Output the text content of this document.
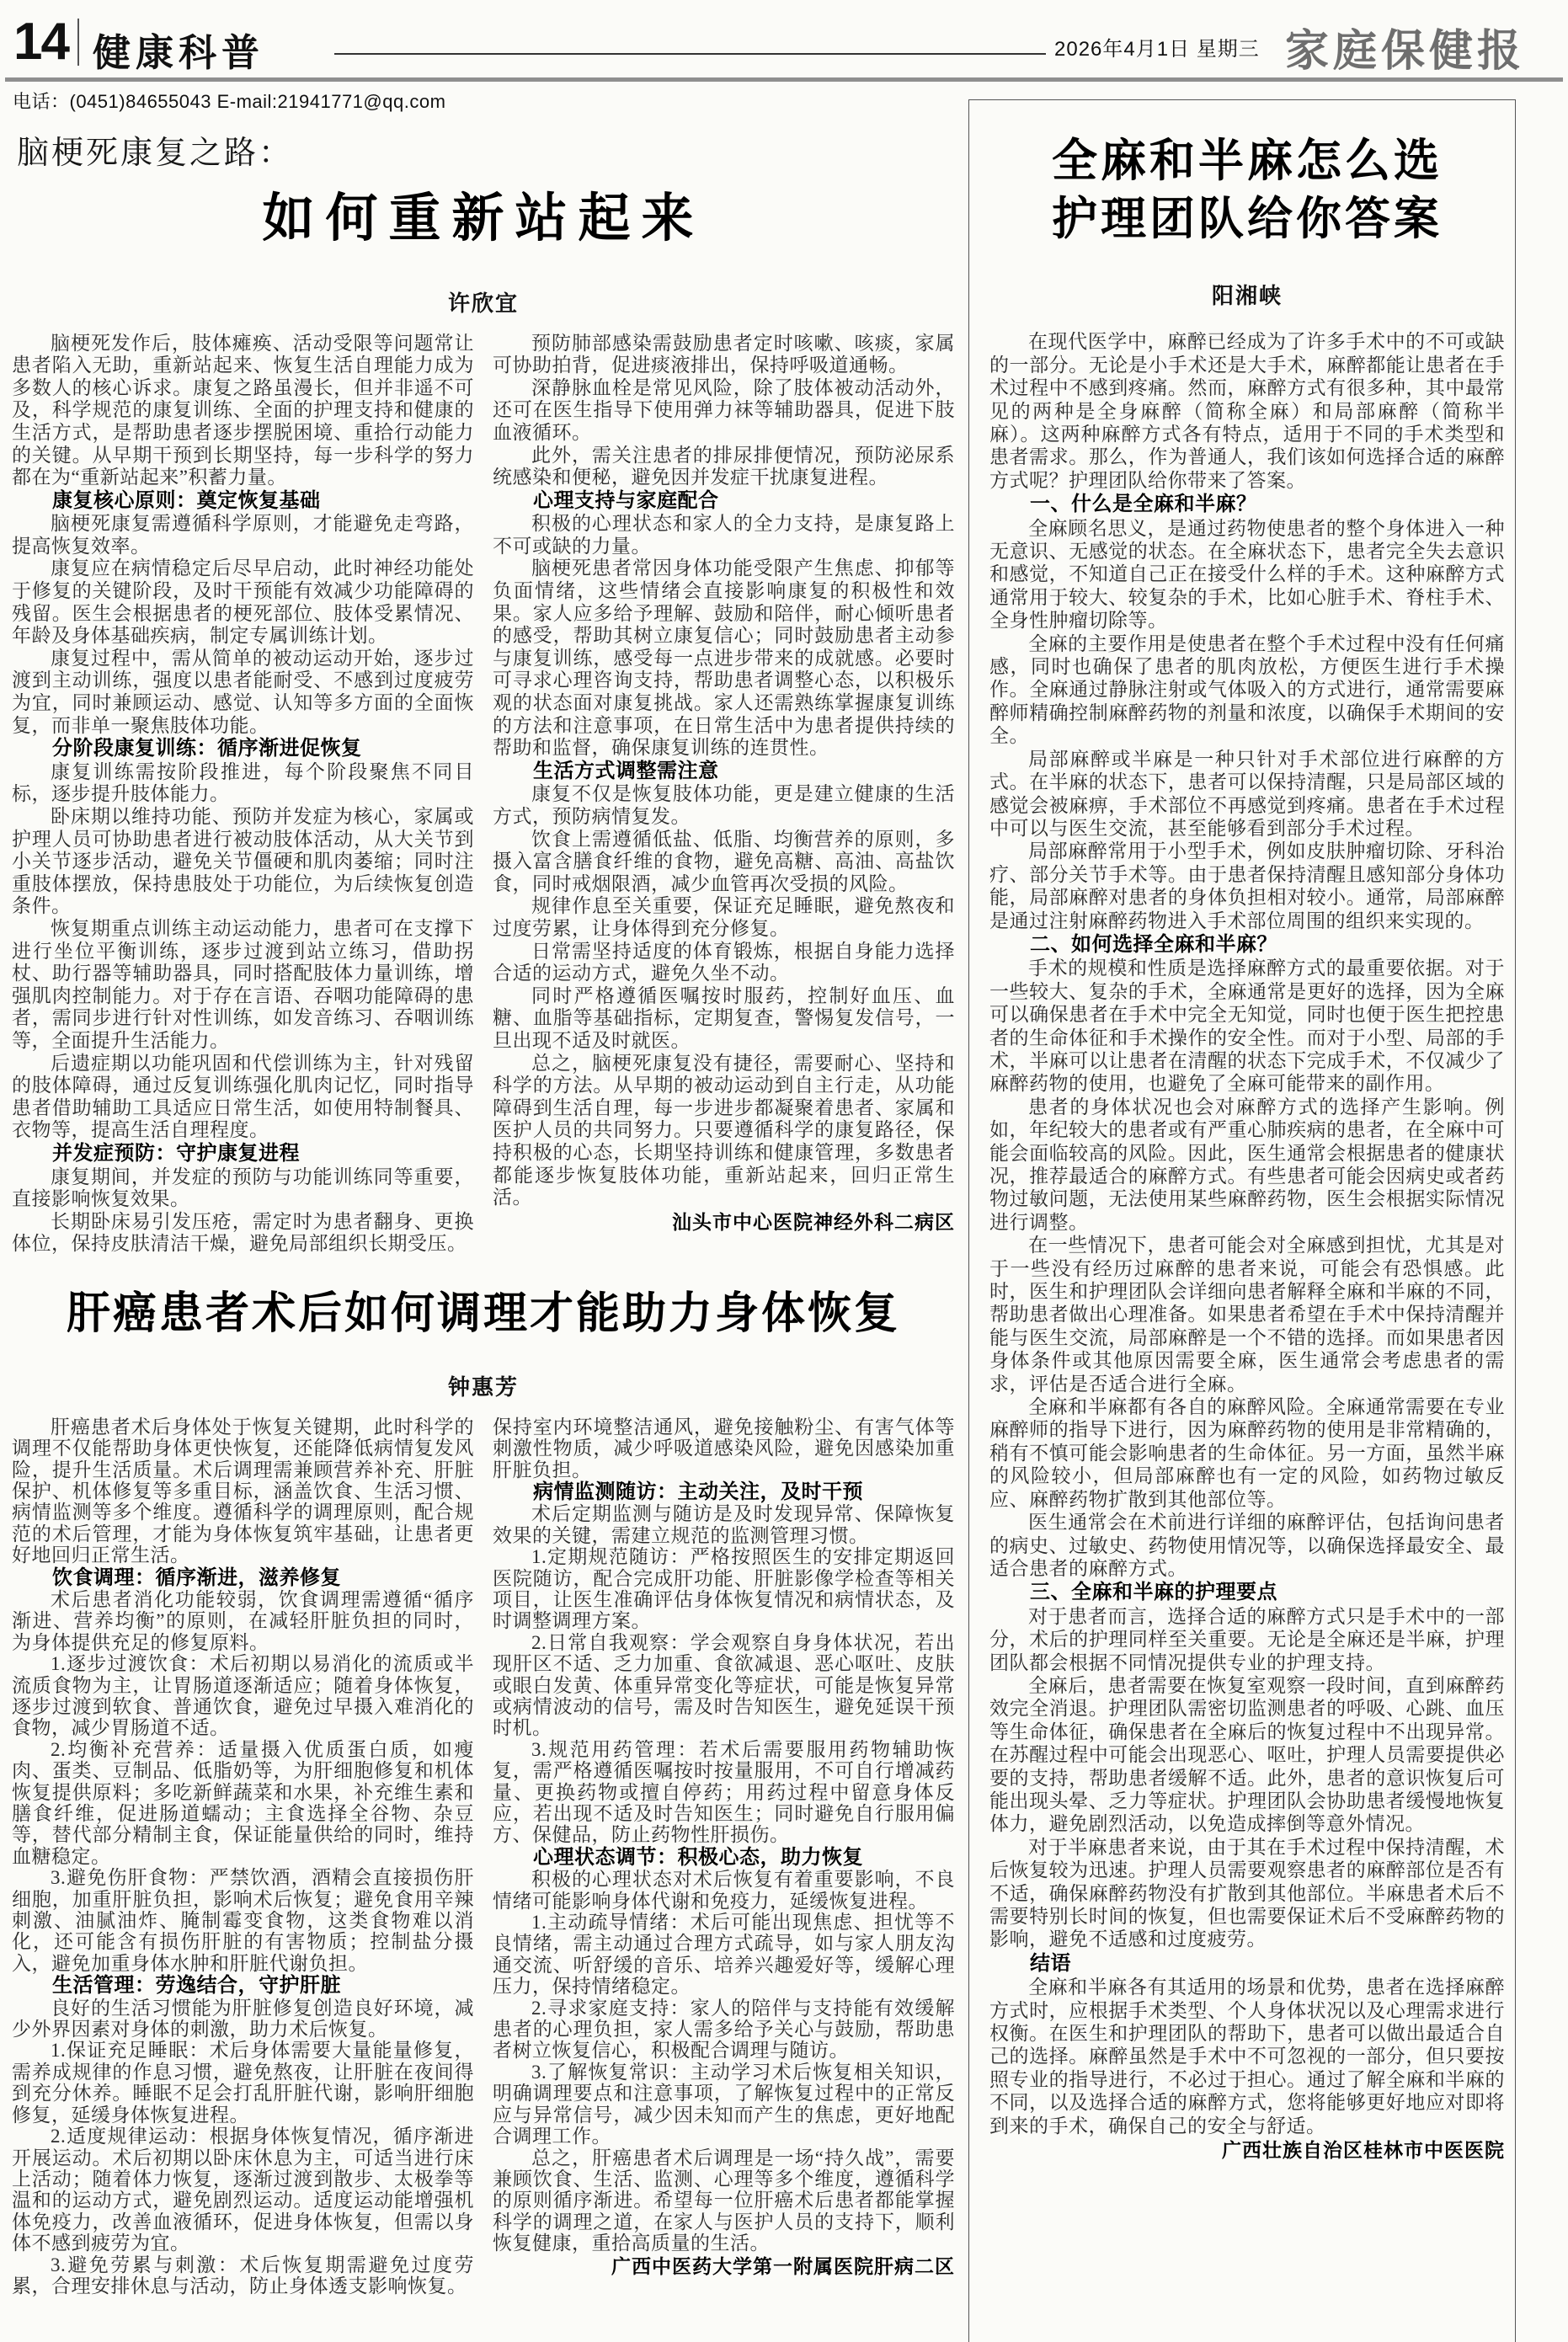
14 健康科普	2026年4月1日 星期三 家庭保健报
电话：(0451)84655043 E-mail:21941771@qq.com
脑梗死康复之路：
如何重新站起来
许欣宜

脑梗死发作后，肢体瘫痪、活动受限等问题常让患者陷入无助，重新站起来、恢复生活自理能力成为多数人的核心诉求。康复之路虽漫长，但并非遥不可及，科学规范的康复训练、全面的护理支持和健康的生活方式，是帮助患者逐步摆脱困境、重拾行动能力的关键。从早期干预到长期坚持，每一步科学的努力都在为“重新站起来”积蓄力量。

康复核心原则：奠定恢复基础

脑梗死康复需遵循科学原则，才能避免走弯路，提高恢复效率。

康复应在病情稳定后尽早启动，此时神经功能处于修复的关键阶段，及时干预能有效减少功能障碍的残留。医生会根据患者的梗死部位、肢体受累情况、年龄及身体基础疾病，制定专属训练计划。

康复过程中，需从简单的被动运动开始，逐步过渡到主动训练，强度以患者能耐受、不感到过度疲劳为宜，同时兼顾运动、感觉、认知等多方面的全面恢复，而非单一聚焦肢体功能。

分阶段康复训练：循序渐进促恢复

康复训练需按阶段推进，每个阶段聚焦不同目标，逐步提升肢体能力。

卧床期以维持功能、预防并发症为核心，家属或护理人员可协助患者进行被动肢体活动，从大关节到小关节逐步活动，避免关节僵硬和肌肉萎缩；同时注重肢体摆放，保持患肢处于功能位，为后续恢复创造条件。

恢复期重点训练主动运动能力，患者可在支撑下进行坐位平衡训练，逐步过渡到站立练习，借助拐杖、助行器等辅助器具，同时搭配肢体力量训练，增强肌肉控制能力。对于存在言语、吞咽功能障碍的患者，需同步进行针对性训练，如发音练习、吞咽训练等，全面提升生活能力。

后遗症期以功能巩固和代偿训练为主，针对残留的肢体障碍，通过反复训练强化肌肉记忆，同时指导患者借助辅助工具适应日常生活，如使用特制餐具、衣物等，提高生活自理程度。

并发症预防：守护康复进程

康复期间，并发症的预防与功能训练同等重要，直接影响恢复效果。

长期卧床易引发压疮，需定时为患者翻身、更换体位，保持皮肤清洁干燥，避免局部组织长期受压。

预防肺部感染需鼓励患者定时咳嗽、咳痰，家属可协助拍背，促进痰液排出，保持呼吸道通畅。

深静脉血栓是常见风险，除了肢体被动活动外，还可在医生指导下使用弹力袜等辅助器具，促进下肢血液循环。

此外，需关注患者的排尿排便情况，预防泌尿系统感染和便秘，避免因并发症干扰康复进程。

心理支持与家庭配合

积极的心理状态和家人的全力支持，是康复路上不可或缺的力量。

脑梗死患者常因身体功能受限产生焦虑、抑郁等负面情绪，这些情绪会直接影响康复的积极性和效果。家人应多给予理解、鼓励和陪伴，耐心倾听患者的感受，帮助其树立康复信心；同时鼓励患者主动参与康复训练，感受每一点进步带来的成就感。必要时可寻求心理咨询支持，帮助患者调整心态，以积极乐观的状态面对康复挑战。家人还需熟练掌握康复训练的方法和注意事项，在日常生活中为患者提供持续的帮助和监督，确保康复训练的连贯性。

生活方式调整需注意

康复不仅是恢复肢体功能，更是建立健康的生活方式，预防病情复发。

饮食上需遵循低盐、低脂、均衡营养的原则，多摄入富含膳食纤维的食物，避免高糖、高油、高盐饮食，同时戒烟限酒，减少血管再次受损的风险。

规律作息至关重要，保证充足睡眠，避免熬夜和过度劳累，让身体得到充分修复。

日常需坚持适度的体育锻炼，根据自身能力选择合适的运动方式，避免久坐不动。

同时严格遵循医嘱按时服药，控制好血压、血糖、血脂等基础指标，定期复查，警惕复发信号，一旦出现不适及时就医。

总之，脑梗死康复没有捷径，需要耐心、坚持和科学的方法。从早期的被动运动到自主行走，从功能障碍到生活自理，每一步进步都凝聚着患者、家属和医护人员的共同努力。只要遵循科学的康复路径，保持积极的心态，长期坚持训练和健康管理，多数患者都能逐步恢复肢体功能，重新站起来，回归正常生活。

汕头市中心医院神经外科二病区

肝癌患者术后如何调理才能助力身体恢复
钟惠芳

肝癌患者术后身体处于恢复关键期，此时科学的调理不仅能帮助身体更快恢复，还能降低病情复发风险，提升生活质量。术后调理需兼顾营养补充、肝脏保护、机体修复等多重目标，涵盖饮食、生活习惯、病情监测等多个维度。遵循科学的调理原则，配合规范的术后管理，才能为身体恢复筑牢基础，让患者更好地回归正常生活。

饮食调理：循序渐进，滋养修复

术后患者消化功能较弱，饮食调理需遵循“循序渐进、营养均衡”的原则，在减轻肝脏负担的同时，为身体提供充足的修复原料。

1.逐步过渡饮食：术后初期以易消化的流质或半流质食物为主，让胃肠道逐渐适应；随着身体恢复，逐步过渡到软食、普通饮食，避免过早摄入难消化的食物，减少胃肠道不适。

2.均衡补充营养：适量摄入优质蛋白质，如瘦肉、蛋类、豆制品、低脂奶等，为肝细胞修复和机体恢复提供原料；多吃新鲜蔬菜和水果，补充维生素和膳食纤维，促进肠道蠕动；主食选择全谷物、杂豆等，替代部分精制主食，保证能量供给的同时，维持血糖稳定。

3.避免伤肝食物：严禁饮酒，酒精会直接损伤肝细胞，加重肝脏负担，影响术后恢复；避免食用辛辣刺激、油腻油炸、腌制霉变食物，这类食物难以消化，还可能含有损伤肝脏的有害物质；控制盐分摄入，避免加重身体水肿和肝脏代谢负担。

生活管理：劳逸结合，守护肝脏

良好的生活习惯能为肝脏修复创造良好环境，减少外界因素对身体的刺激，助力术后恢复。

1.保证充足睡眠：术后身体需要大量能量修复，需养成规律的作息习惯，避免熬夜，让肝脏在夜间得到充分休养。睡眠不足会打乱肝脏代谢，影响肝细胞修复，延缓身体恢复进程。

2.适度规律运动：根据身体恢复情况，循序渐进开展运动。术后初期以卧床休息为主，可适当进行床上活动；随着体力恢复，逐渐过渡到散步、太极拳等温和的运动方式，避免剧烈运动。适度运动能增强机体免疫力，改善血液循环，促进身体恢复，但需以身体不感到疲劳为宜。

3.避免劳累与刺激：术后恢复期需避免过度劳累，合理安排休息与活动，防止身体透支影响恢复。

保持室内环境整洁通风，避免接触粉尘、有害气体等刺激性物质，减少呼吸道感染风险，避免因感染加重肝脏负担。

病情监测随访：主动关注，及时干预

术后定期监测与随访是及时发现异常、保障恢复效果的关键，需建立规范的监测管理习惯。

1.定期规范随访：严格按照医生的安排定期返回医院随访，配合完成肝功能、肝脏影像学检查等相关项目，让医生准确评估身体恢复情况和病情状态，及时调整调理方案。

2.日常自我观察：学会观察自身身体状况，若出现肝区不适、乏力加重、食欲减退、恶心呕吐、皮肤或眼白发黄、体重异常变化等症状，可能是恢复异常或病情波动的信号，需及时告知医生，避免延误干预时机。

3.规范用药管理：若术后需要服用药物辅助恢复，需严格遵循医嘱按时按量服用，不可自行增减药量、更换药物或擅自停药；用药过程中留意身体反应，若出现不适及时告知医生；同时避免自行服用偏方、保健品，防止药物性肝损伤。

心理状态调节：积极心态，助力恢复

积极的心理状态对术后恢复有着重要影响，不良情绪可能影响身体代谢和免疫力，延缓恢复进程。

1.主动疏导情绪：术后可能出现焦虑、担忧等不良情绪，需主动通过合理方式疏导，如与家人朋友沟通交流、听舒缓的音乐、培养兴趣爱好等，缓解心理压力，保持情绪稳定。

2.寻求家庭支持：家人的陪伴与支持能有效缓解患者的心理负担，家人需多给予关心与鼓励，帮助患者树立恢复信心，积极配合调理与随访。

3.了解恢复常识：主动学习术后恢复相关知识，明确调理要点和注意事项，了解恢复过程中的正常反应与异常信号，减少因未知而产生的焦虑，更好地配合调理工作。

总之，肝癌患者术后调理是一场“持久战”，需要兼顾饮食、生活、监测、心理等多个维度，遵循科学的原则循序渐进。希望每一位肝癌术后患者都能掌握科学的调理之道，在家人与医护人员的支持下，顺利恢复健康，重拾高质量的生活。

广西中医药大学第一附属医院肝病二区

全麻和半麻怎么选
护理团队给你答案
阳湘峡

在现代医学中，麻醉已经成为了许多手术中的不可或缺的一部分。无论是小手术还是大手术，麻醉都能让患者在手术过程中不感到疼痛。然而，麻醉方式有很多种，其中最常见的两种是全身麻醉（简称全麻）和局部麻醉（简称半麻）。这两种麻醉方式各有特点，适用于不同的手术类型和患者需求。那么，作为普通人，我们该如何选择合适的麻醉方式呢？护理团队给你带来了答案。

一、什么是全麻和半麻？

全麻顾名思义，是通过药物使患者的整个身体进入一种无意识、无感觉的状态。在全麻状态下，患者完全失去意识和感觉，不知道自己正在接受什么样的手术。这种麻醉方式通常用于较大、较复杂的手术，比如心脏手术、脊柱手术、全身性肿瘤切除等。

全麻的主要作用是使患者在整个手术过程中没有任何痛感，同时也确保了患者的肌肉放松，方便医生进行手术操作。全麻通过静脉注射或气体吸入的方式进行，通常需要麻醉师精确控制麻醉药物的剂量和浓度，以确保手术期间的安全。

局部麻醉或半麻是一种只针对手术部位进行麻醉的方式。在半麻的状态下，患者可以保持清醒，只是局部区域的感觉会被麻痹，手术部位不再感觉到疼痛。患者在手术过程中可以与医生交流，甚至能够看到部分手术过程。

局部麻醉常用于小型手术，例如皮肤肿瘤切除、牙科治疗、部分关节手术等。由于患者保持清醒且感知部分身体功能，局部麻醉对患者的身体负担相对较小。通常，局部麻醉是通过注射麻醉药物进入手术部位周围的组织来实现的。

二、如何选择全麻和半麻？

手术的规模和性质是选择麻醉方式的最重要依据。对于一些较大、复杂的手术，全麻通常是更好的选择，因为全麻可以确保患者在手术中完全无知觉，同时也便于医生把控患者的生命体征和手术操作的安全性。而对于小型、局部的手术，半麻可以让患者在清醒的状态下完成手术，不仅减少了麻醉药物的使用，也避免了全麻可能带来的副作用。

患者的身体状况也会对麻醉方式的选择产生影响。例如，年纪较大的患者或有严重心肺疾病的患者，在全麻中可能会面临较高的风险。因此，医生通常会根据患者的健康状况，推荐最适合的麻醉方式。有些患者可能会因病史或者药物过敏问题，无法使用某些麻醉药物，医生会根据实际情况进行调整。

在一些情况下，患者可能会对全麻感到担忧，尤其是对于一些没有经历过麻醉的患者来说，可能会有恐惧感。此时，医生和护理团队会详细向患者解释全麻和半麻的不同，帮助患者做出心理准备。如果患者希望在手术中保持清醒并能与医生交流，局部麻醉是一个不错的选择。而如果患者因身体条件或其他原因需要全麻，医生通常会考虑患者的需求，评估是否适合进行全麻。

全麻和半麻都有各自的麻醉风险。全麻通常需要在专业麻醉师的指导下进行，因为麻醉药物的使用是非常精确的，稍有不慎可能会影响患者的生命体征。另一方面，虽然半麻的风险较小，但局部麻醉也有一定的风险，如药物过敏反应、麻醉药物扩散到其他部位等。

医生通常会在术前进行详细的麻醉评估，包括询问患者的病史、过敏史、药物使用情况等，以确保选择最安全、最适合患者的麻醉方式。

三、全麻和半麻的护理要点

对于患者而言，选择合适的麻醉方式只是手术中的一部分，术后的护理同样至关重要。无论是全麻还是半麻，护理团队都会根据不同情况提供专业的护理支持。

全麻后，患者需要在恢复室观察一段时间，直到麻醉药效完全消退。护理团队需密切监测患者的呼吸、心跳、血压等生命体征，确保患者在全麻后的恢复过程中不出现异常。在苏醒过程中可能会出现恶心、呕吐，护理人员需要提供必要的支持，帮助患者缓解不适。此外，患者的意识恢复后可能出现头晕、乏力等症状。护理团队会协助患者缓慢地恢复体力，避免剧烈活动，以免造成摔倒等意外情况。

对于半麻患者来说，由于其在手术过程中保持清醒，术后恢复较为迅速。护理人员需要观察患者的麻醉部位是否有不适，确保麻醉药物没有扩散到其他部位。半麻患者术后不需要特别长时间的恢复，但也需要保证术后不受麻醉药物的影响，避免不适感和过度疲劳。

结语

全麻和半麻各有其适用的场景和优势，患者在选择麻醉方式时，应根据手术类型、个人身体状况以及心理需求进行权衡。在医生和护理团队的帮助下，患者可以做出最适合自己的选择。麻醉虽然是手术中不可忽视的一部分，但只要按照专业的指导进行，不必过于担心。通过了解全麻和半麻的不同，以及选择合适的麻醉方式，您将能够更好地应对即将到来的手术，确保自己的安全与舒适。

广西壮族自治区桂林市中医医院
